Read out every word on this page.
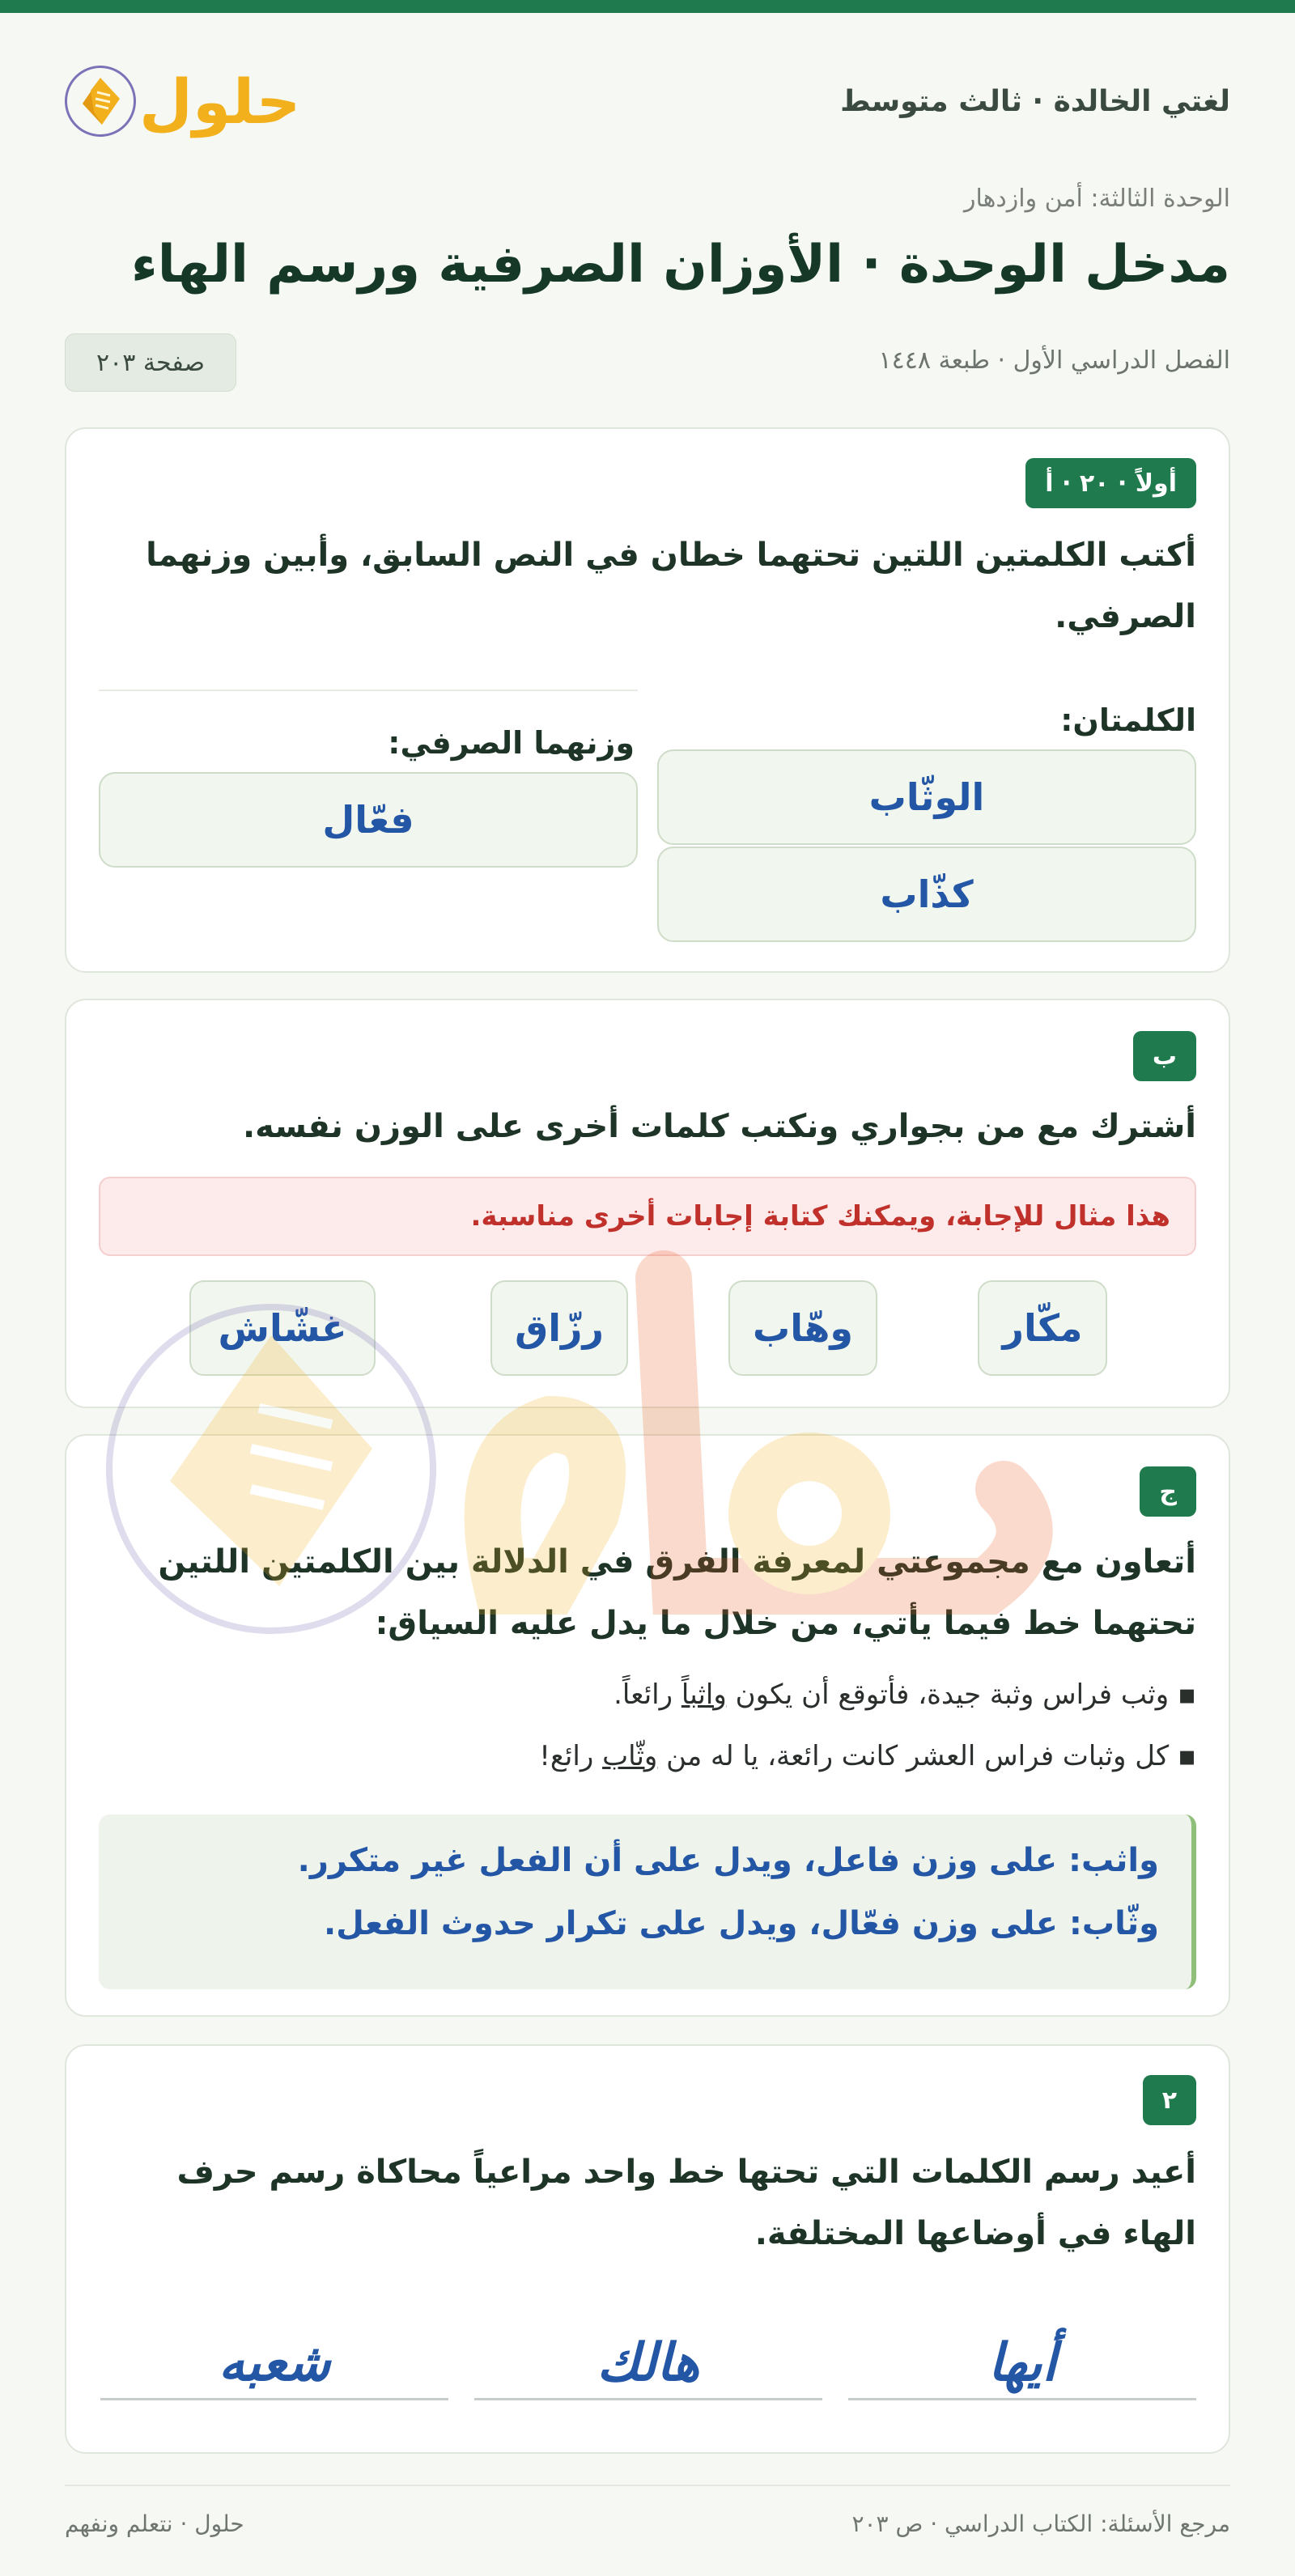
لغتي الخالدة · ثالث متوسط
حلول
الوحدة الثالثة: أمن وازدهار
مدخل الوحدة · الأوزان الصرفية ورسم الهاء
الفصل الدراسي الأول · طبعة ١٤٤٨
صفحة ٢٠٣
أولاً · ٢٠ · أ
أكتب الكلمتين اللتين تحتهما خطان في النص السابق، وأبين وزنهما الصرفي.
الكلمتان:
الوثّاب
كذّاب
وزنهما الصرفي:
فعّال
ب
أشترك مع من بجواري ونكتب كلمات أخرى على الوزن نفسه.
هذا مثال للإجابة، ويمكنك كتابة إجابات أخرى مناسبة.
مكّار
وهّاب
رزّاق
غشّاش
ج
أتعاون مع مجموعتي لمعرفة الفرق في الدلالة بين الكلمتين اللتين تحتهما خط فيما يأتي، من خلال ما يدل عليه السياق:
▪ وثب فراس وثبة جيدة، فأتوقع أن يكون واثباً رائعاً.
▪ كل وثبات فراس العشر كانت رائعة، يا له من وثّاب رائع!
واثب: على وزن فاعل، ويدل على أن الفعل غير متكرر.
وثّاب: على وزن فعّال، ويدل على تكرار حدوث الفعل.
٢
أعيد رسم الكلمات التي تحتها خط واحد مراعياً محاكاة رسم حرف الهاء في أوضاعها المختلفة.
أيها
هالك
شعبه
مرجع الأسئلة: الكتاب الدراسي · ص ٢٠٣
حلول · نتعلم ونفهم
